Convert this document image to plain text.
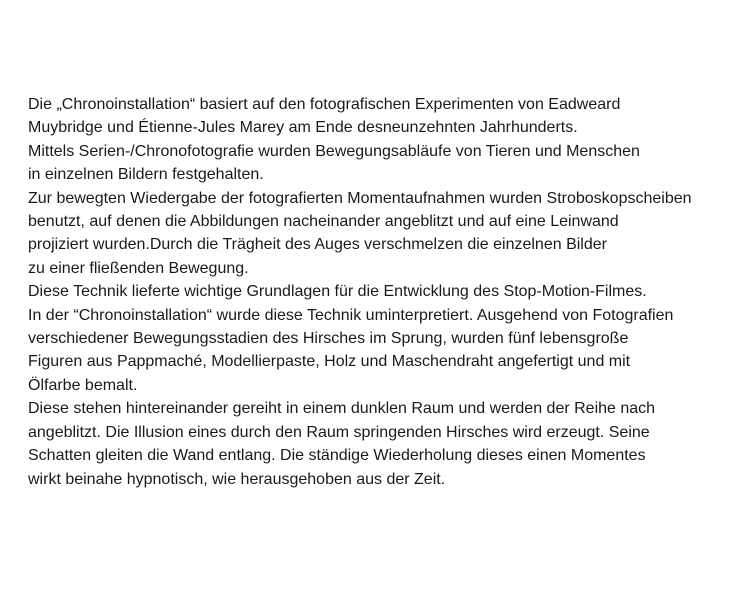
Die „Chronoinstallation“ basiert auf den fotografischen Experimenten von Eadweard
Muybridge und Étienne-Jules Marey am Ende desneunzehnten Jahrhunderts.
Mittels Serien-/Chronofotografie wurden Bewegungsabläufe von Tieren und Menschen
in einzelnen Bildern festgehalten.
Zur bewegten Wiedergabe der fotografierten Momentaufnahmen wurden Stroboskopscheiben
benutzt, auf denen die Abbildungen nacheinander angeblitzt und auf eine Leinwand
projiziert wurden.Durch die Trägheit des Auges verschmelzen die einzelnen Bilder
zu einer fließenden Bewegung.
Diese Technik lieferte wichtige Grundlagen für die Entwicklung des Stop-Motion-Filmes.
In der “Chronoinstallation“ wurde diese Technik uminterpretiert. Ausgehend von Fotografien
verschiedener Bewegungsstadien des Hirsches im Sprung, wurden fünf lebensgroße
Figuren aus Pappmaché, Modellierpaste, Holz und Maschendraht angefertigt und mit
Ölfarbe bemalt.
Diese stehen hintereinander gereiht in einem dunklen Raum und werden der Reihe nach
angeblitzt. Die Illusion eines durch den Raum springenden Hirsches wird erzeugt. Seine
Schatten gleiten die Wand entlang. Die ständige Wiederholung dieses einen Momentes
wirkt beinahe hypnotisch, wie herausgehoben aus der Zeit.
